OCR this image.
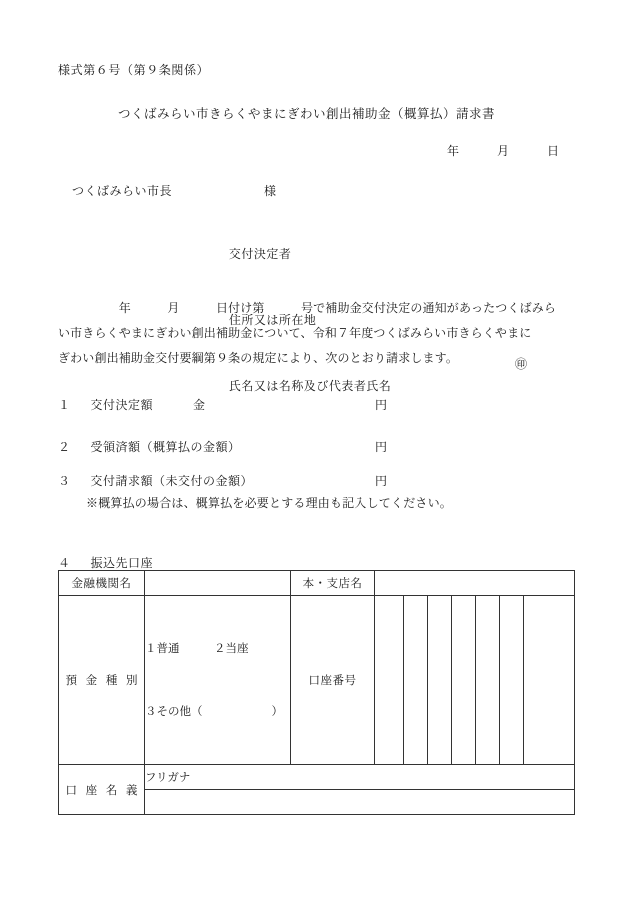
様式第６号（第９条関係）
つくばみらい市きらくやまにぎわい創出補助金（概算払）請求書
年　　　月　　　日
つくばみらい市長	様

交付決定者

住所又は所在地

氏名又は名称及び代表者氏名

㊞

　　　　　年　　　月　　　日付け第　　　号で補助金交付決定の通知があったつくばみら
い市きらくやまにぎわい創出補助金について、令和７年度つくばみらい市きらくやまに
ぎわい創出補助金交付要綱第９条の規定により、次のとおり請求します。
１ 交付決定額	金	円
２ 受領済額（概算払の金額）	円
３ 交付請求額（未交付の金額）	円
※概算払の場合は、概算払を必要とする理由も記入してください。
４ 振込先口座
金融機関名		本・支店名							
預 金 種 別	１普通　　　２当座

３その他（　　　　　　）	口座番号							
口 座 名 義	フリガナ								
